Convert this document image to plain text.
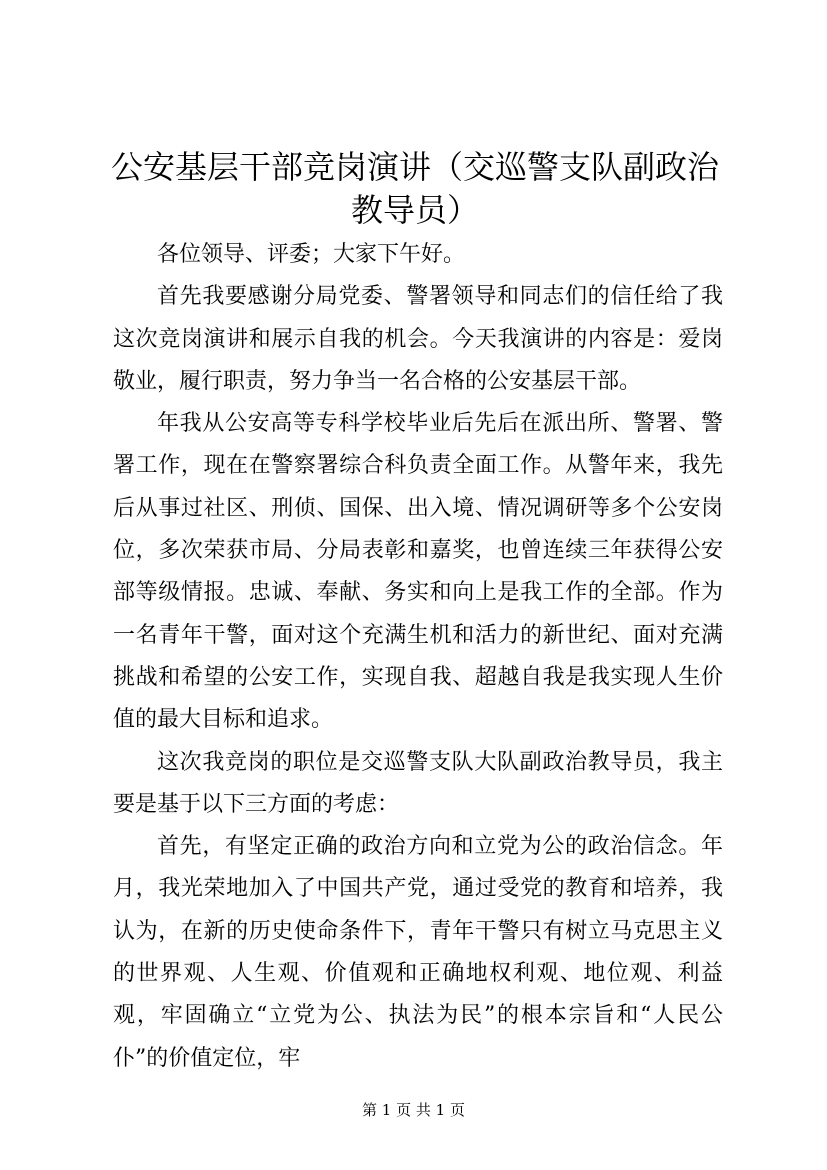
公安基层干部竞岗演讲（交巡警支队副政治教导员）

各位领导、评委；大家下午好。

首先我要感谢分局党委、警署领导和同志们的信任给了我这次竞岗演讲和展示自我的机会。今天我演讲的内容是：爱岗敬业，履行职责，努力争当一名合格的公安基层干部。

年我从公安高等专科学校毕业后先后在派出所、警署、警署工作，现在在警察署综合科负责全面工作。从警年来，我先后从事过社区、刑侦、国保、出入境、情况调研等多个公安岗位，多次荣获市局、分局表彰和嘉奖，也曾连续三年获得公安部等级情报。忠诚、奉献、务实和向上是我工作的全部。作为一名青年干警，面对这个充满生机和活力的新世纪、面对充满挑战和希望的公安工作，实现自我、超越自我是我实现人生价值的最大目标和追求。

这次我竞岗的职位是交巡警支队大队副政治教导员，我主要是基于以下三方面的考虑：

首先，有坚定正确的政治方向和立党为公的政治信念。年月，我光荣地加入了中国共产党，通过受党的教育和培养，我认为，在新的历史使命条件下，青年干警只有树立马克思主义的世界观、人生观、价值观和正确地权利观、地位观、利益观，牢固确立“立党为公、执法为民”的根本宗旨和“人民公仆”的价值定位，牢

第 1 页 共 1 页
